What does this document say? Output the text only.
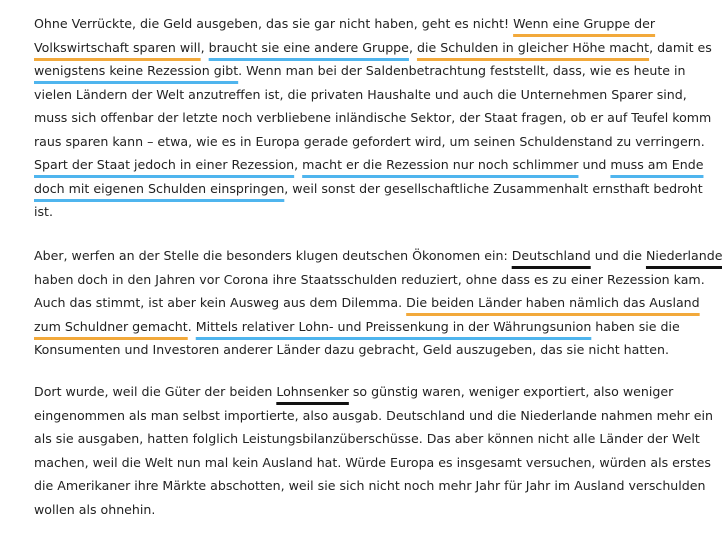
Ohne Verrückte, die Geld ausgeben, das sie gar nicht haben, geht es nicht! Wenn eine Gruppe der
Volkswirtschaft sparen will, braucht sie eine andere Gruppe, die Schulden in gleicher Höhe macht, damit es
wenigstens keine Rezession gibt. Wenn man bei der Saldenbetrachtung feststellt, dass, wie es heute in
vielen Ländern der Welt anzutreffen ist, die privaten Haushalte und auch die Unternehmen Sparer sind,
muss sich offenbar der letzte noch verbliebene inländische Sektor, der Staat fragen, ob er auf Teufel komm
raus sparen kann – etwa, wie es in Europa gerade gefordert wird, um seinen Schuldenstand zu verringern.
Spart der Staat jedoch in einer Rezession, macht er die Rezession nur noch schlimmer und muss am Ende
doch mit eigenen Schulden einspringen, weil sonst der gesellschaftliche Zusammenhalt ernsthaft bedroht
ist.
Aber, werfen an der Stelle die besonders klugen deutschen Ökonomen ein: Deutschland und die Niederlande
haben doch in den Jahren vor Corona ihre Staatsschulden reduziert, ohne dass es zu einer Rezession kam.
Auch das stimmt, ist aber kein Ausweg aus dem Dilemma. Die beiden Länder haben nämlich das Ausland
zum Schuldner gemacht. Mittels relativer Lohn- und Preissenkung in der Währungsunion haben sie die
Konsumenten und Investoren anderer Länder dazu gebracht, Geld auszugeben, das sie nicht hatten.
Dort wurde, weil die Güter der beiden Lohnsenker so günstig waren, weniger exportiert, also weniger
eingenommen als man selbst importierte, also ausgab. Deutschland und die Niederlande nahmen mehr ein
als sie ausgaben, hatten folglich Leistungsbilanzüberschüsse. Das aber können nicht alle Länder der Welt
machen, weil die Welt nun mal kein Ausland hat. Würde Europa es insgesamt versuchen, würden als erstes
die Amerikaner ihre Märkte abschotten, weil sie sich nicht noch mehr Jahr für Jahr im Ausland verschulden
wollen als ohnehin.
